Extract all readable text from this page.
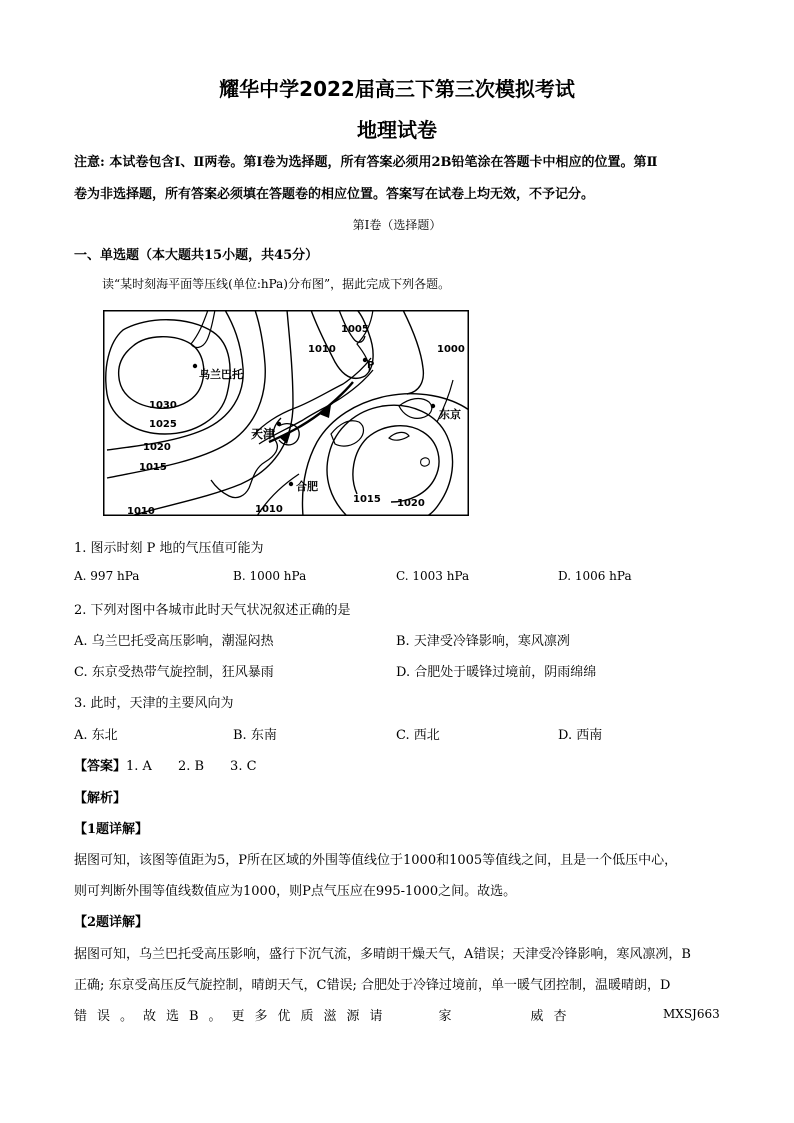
耀华中学2022届高三下第三次模拟考试
地理试卷
注意: 本试卷包含Ⅰ、Ⅱ两卷。第Ⅰ卷为选择题，所有答案必须用2B铅笔涂在答题卡中相应的位置。第Ⅱ
卷为非选择题，所有答案必须填在答题卷的相应位置。答案写在试卷上均无效，不予记分。
第Ⅰ卷（选择题）
一、单选题（本大题共15小题，共45分）
读“某时刻海平面等压线(单位:hPa)分布图”，据此完成下列各题。
乌兰巴托
天津
合肥
东京
P
1030
1025
1020
1015
1010	1010
1005
1010	1000
1015 1020
1. 图示时刻 P 地的气压值可能为
A. 997 hPa	B. 1000 hPa	C. 1003 hPa	D. 1006 hPa
2. 下列对图中各城市此时天气状况叙述正确的是
A. 乌兰巴托受高压影响，潮湿闷热	B. 天津受冷锋影响，寒风凛冽
C. 东京受热带气旋控制，狂风暴雨	D. 合肥处于暖锋过境前，阴雨绵绵
3. 此时，天津的主要风向为
A. 东北	B. 东南	C. 西北	D. 西南
【答案】1. A 2. B 3. C
【解析】
【1题详解】
据图可知，该图等值距为5，P所在区域的外围等值线位于1000和1005等值线之间，且是一个低压中心，
则可判断外围等值线数值应为1000，则P点气压应在995-1000之间。故选。
【2题详解】
据图可知，乌兰巴托受高压影响，盛行下沉气流，多晴朗干燥天气，A错误；天津受冷锋影响，寒风凛冽，B
正确; 东京受高压反气旋控制，晴朗天气，C错误; 合肥处于冷锋过境前，单一暖气团控制，温暖晴朗，D
错误。故选B。更多优质滋源请　　家　　　威杏	MXSJ663
